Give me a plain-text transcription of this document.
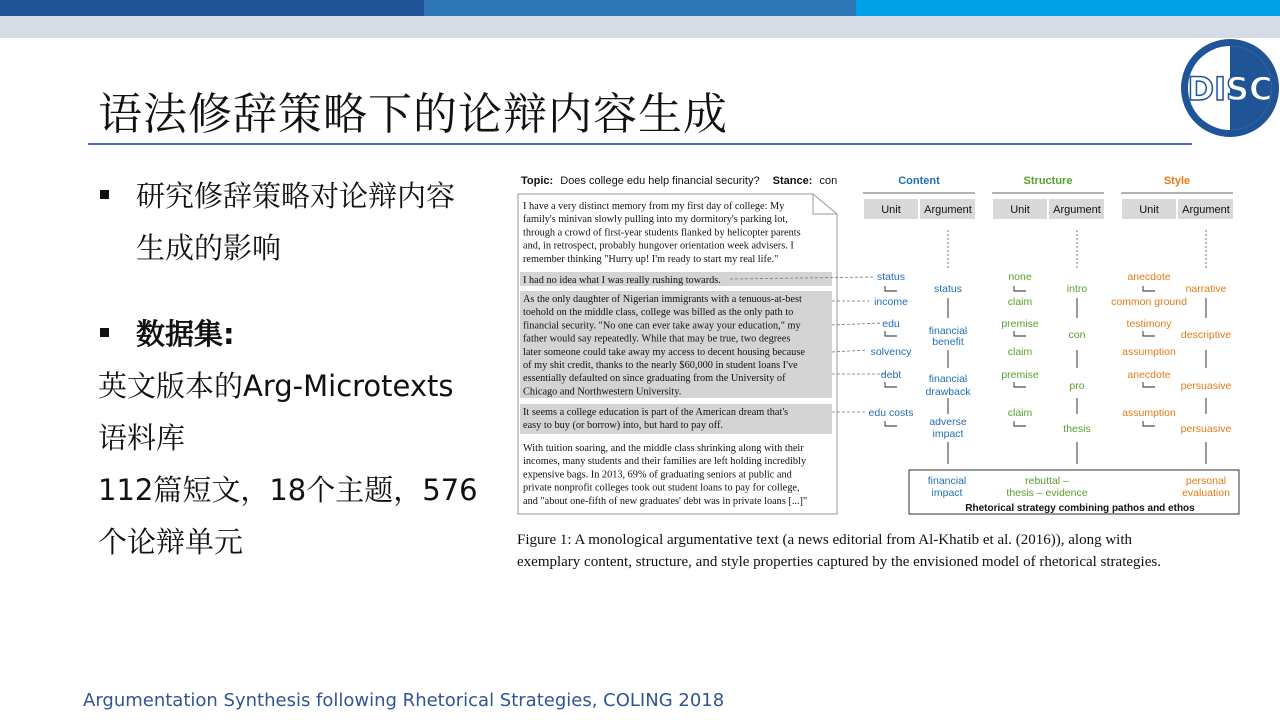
语法修辞策略下的论辩内容生成	DISC
研究修辞策略对论辩内容
生成的影响
数据集:
英文版本的Arg-Microtexts
语料库
112篇短文，18个主题，576
个论辩单元
Topic: Does college edu help financial security? Stance: con
I have a very distinct memory from my first day of college: My
family's minivan slowly pulling into my dormitory's parking lot,
through a crowd of first-year students flanked by helicopter parents
and, in retrospect, probably hungover orientation week advisers. I
remember thinking "Hurry up! I'm ready to start my real life."
I had no idea what I was really rushing towards.
As the only daughter of Nigerian immigrants with a tenuous-at-best
toehold on the middle class, college was billed as the only path to
financial security. "No one can ever take away your education," my
father would say repeatedly. While that may be true, two degrees
later someone could take away my access to decent housing because
of my shit credit, thanks to the nearly $60,000 in student loans I've
essentially defaulted on since graduating from the University of
Chicago and Northwestern University.
It seems a college education is part of the American dream that's
easy to buy (or borrow) into, but hard to pay off.
With tuition soaring, and the middle class shrinking along with their
incomes, many students and their families are left holding incredibly
expensive bags. In 2013, 69% of graduating seniors at public and
private nonprofit colleges took out student loans to pay for college,
and "about one-fifth of new graduates' debt was in private loans [...]"
Content
Unit Argument
status
income
edu
solvency
debt
edu costs
status
financial
benefit
financial
drawback
adverse
impact
financial
impact
Structure
Unit Argument
none
claim
premise
claim
premise
claim
intro
con
pro
thesis
rebuttal –
thesis – evidence
Style
Unit Argument
anecdote
common ground
testimony
assumption
anecdote
assumption
narrative
descriptive
persuasive
persuasive
personal
evaluation
Rhetorical strategy combining pathos and ethos
Figure 1: A monological argumentative text (a news editorial from Al-Khatib et al. (2016)), along with
exemplary content, structure, and style properties captured by the envisioned model of rhetorical strategies.
Argumentation Synthesis following Rhetorical Strategies, COLING 2018
